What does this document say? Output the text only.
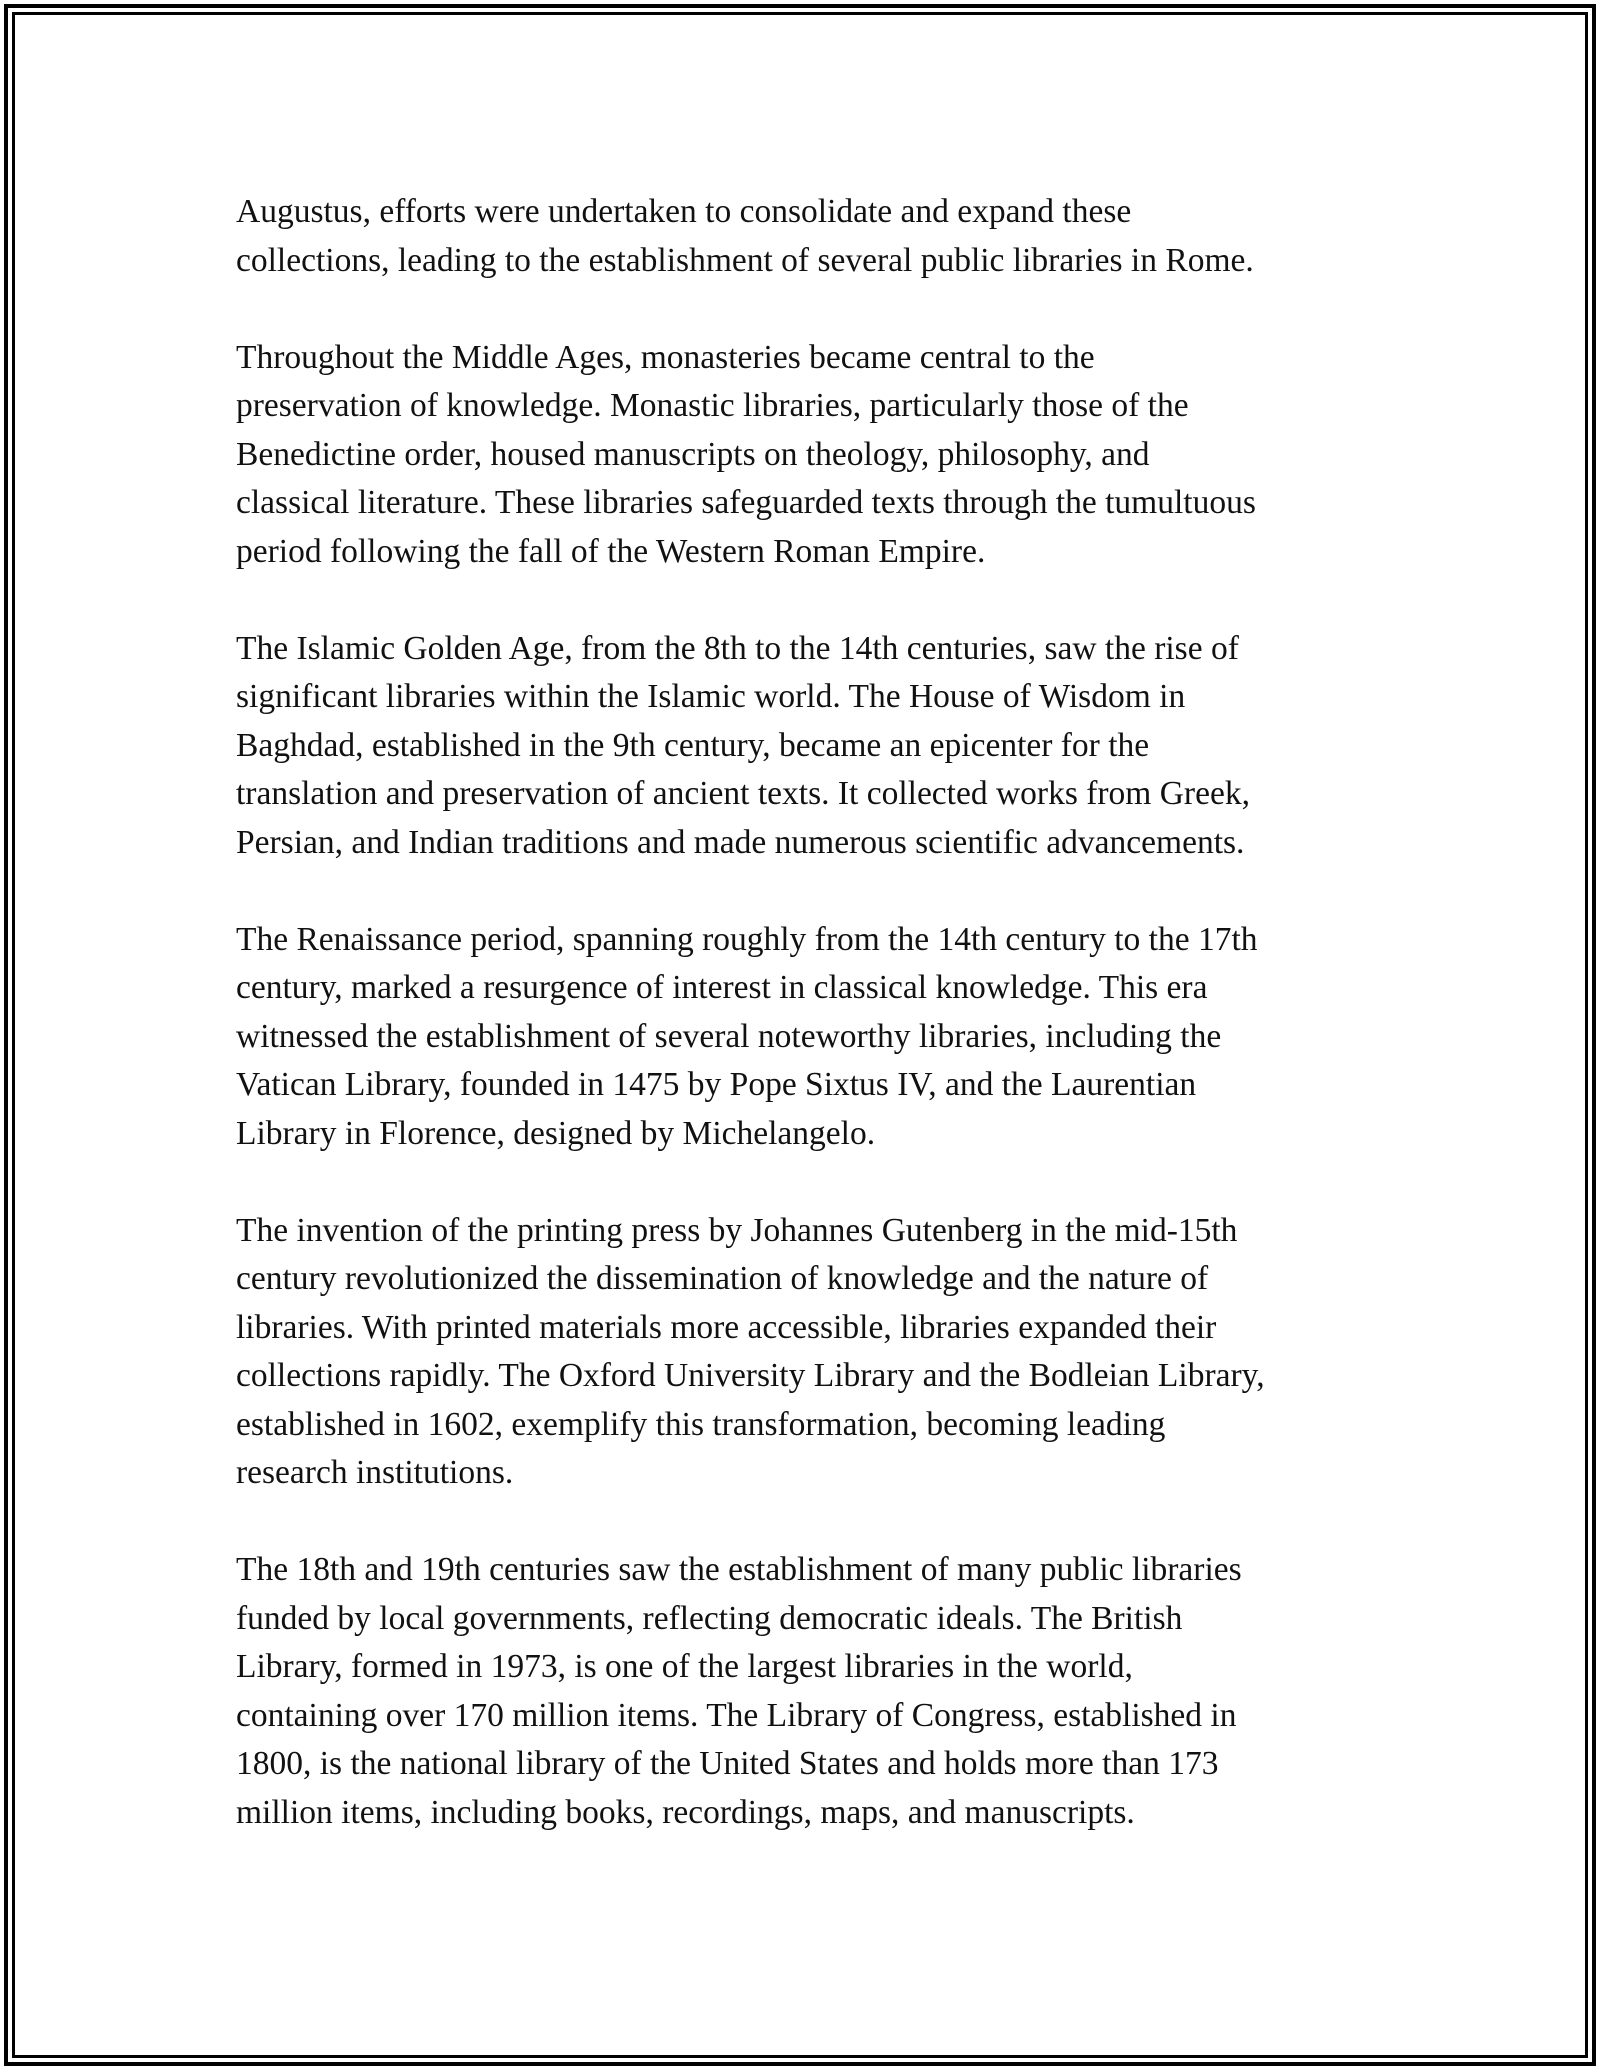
Augustus, efforts were undertaken to consolidate and expand these
collections, leading to the establishment of several public libraries in Rome.

Throughout the Middle Ages, monasteries became central to the
preservation of knowledge. Monastic libraries, particularly those of the
Benedictine order, housed manuscripts on theology, philosophy, and
classical literature. These libraries safeguarded texts through the tumultuous
period following the fall of the Western Roman Empire.

The Islamic Golden Age, from the 8th to the 14th centuries, saw the rise of
significant libraries within the Islamic world. The House of Wisdom in
Baghdad, established in the 9th century, became an epicenter for the
translation and preservation of ancient texts. It collected works from Greek,
Persian, and Indian traditions and made numerous scientific advancements.

The Renaissance period, spanning roughly from the 14th century to the 17th
century, marked a resurgence of interest in classical knowledge. This era
witnessed the establishment of several noteworthy libraries, including the
Vatican Library, founded in 1475 by Pope Sixtus IV, and the Laurentian
Library in Florence, designed by Michelangelo.

The invention of the printing press by Johannes Gutenberg in the mid-15th
century revolutionized the dissemination of knowledge and the nature of
libraries. With printed materials more accessible, libraries expanded their
collections rapidly. The Oxford University Library and the Bodleian Library,
established in 1602, exemplify this transformation, becoming leading
research institutions.

The 18th and 19th centuries saw the establishment of many public libraries
funded by local governments, reflecting democratic ideals. The British
Library, formed in 1973, is one of the largest libraries in the world,
containing over 170 million items. The Library of Congress, established in
1800, is the national library of the United States and holds more than 173
million items, including books, recordings, maps, and manuscripts.
